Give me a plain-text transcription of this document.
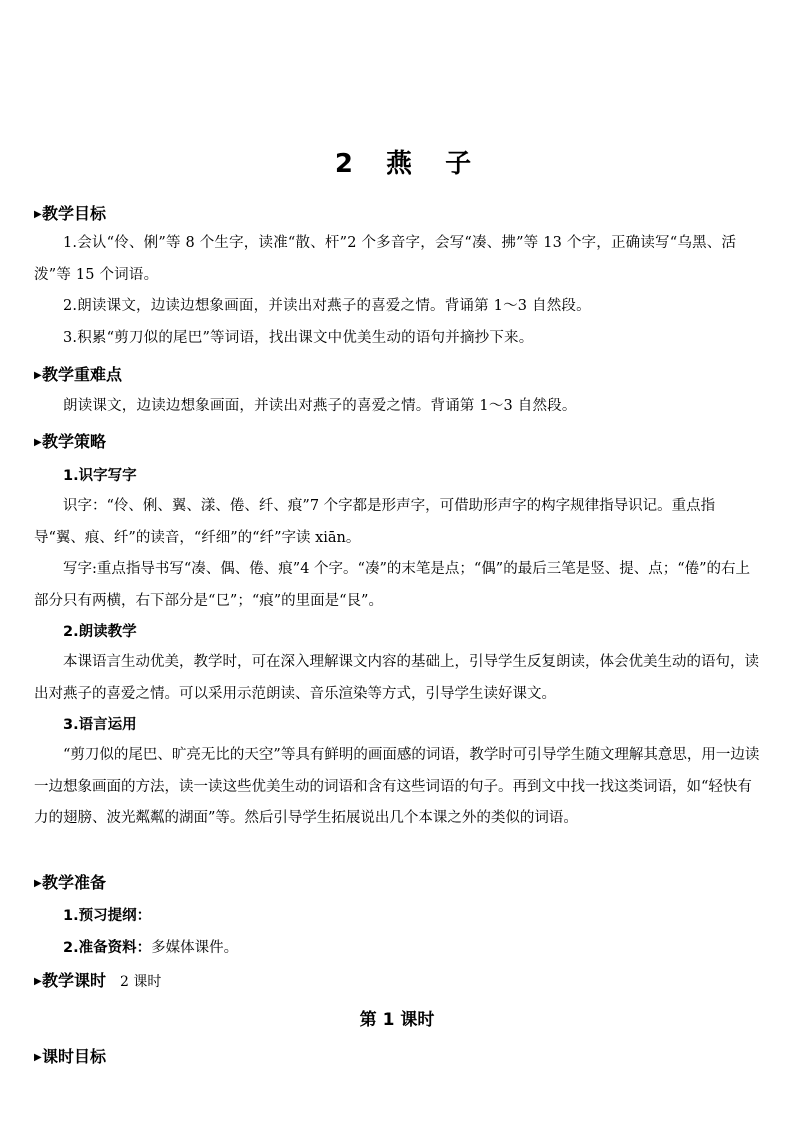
2 燕 子
▶教学目标
1.会认“伶、俐”等 8 个生字，读准“散、杆”2 个多音字，会写“凑、拂”等 13 个字，正确读写“乌黑、活泼”等 15 个词语。
2.朗读课文，边读边想象画面，并读出对燕子的喜爱之情。背诵第 1～3 自然段。
3.积累“剪刀似的尾巴”等词语，找出课文中优美生动的语句并摘抄下来。
▶教学重难点
朗读课文，边读边想象画面，并读出对燕子的喜爱之情。背诵第 1～3 自然段。
▶教学策略
1.识字写字
识字：“伶、俐、翼、漾、倦、纤、痕”7 个字都是形声字，可借助形声字的构字规律指导识记。重点指导“翼、痕、纤”的读音，“纤细”的“纤”字读 xiān。
写字:重点指导书写“凑、偶、倦、痕”4 个字。“凑”的末笔是点；“偶”的最后三笔是竖、提、点；“倦”的右上部分只有两横，右下部分是“㔾”；“痕”的里面是“艮”。
2.朗读教学
本课语言生动优美，教学时，可在深入理解课文内容的基础上，引导学生反复朗读，体会优美生动的语句，读出对燕子的喜爱之情。可以采用示范朗读、音乐渲染等方式，引导学生读好课文。
3.语言运用
“剪刀似的尾巴、旷亮无比的天空”等具有鲜明的画面感的词语，教学时可引导学生随文理解其意思，用一边读一边想象画面的方法，读一读这些优美生动的词语和含有这些词语的句子。再到文中找一找这类词语，如“轻快有力的翅膀、波光粼粼的湖面”等。然后引导学生拓展说出几个本课之外的类似的词语。
▶教学准备
1.预习提纲：
2.准备资料：多媒体课件。
▶教学课时 2 课时
第 1 课时
▶课时目标
